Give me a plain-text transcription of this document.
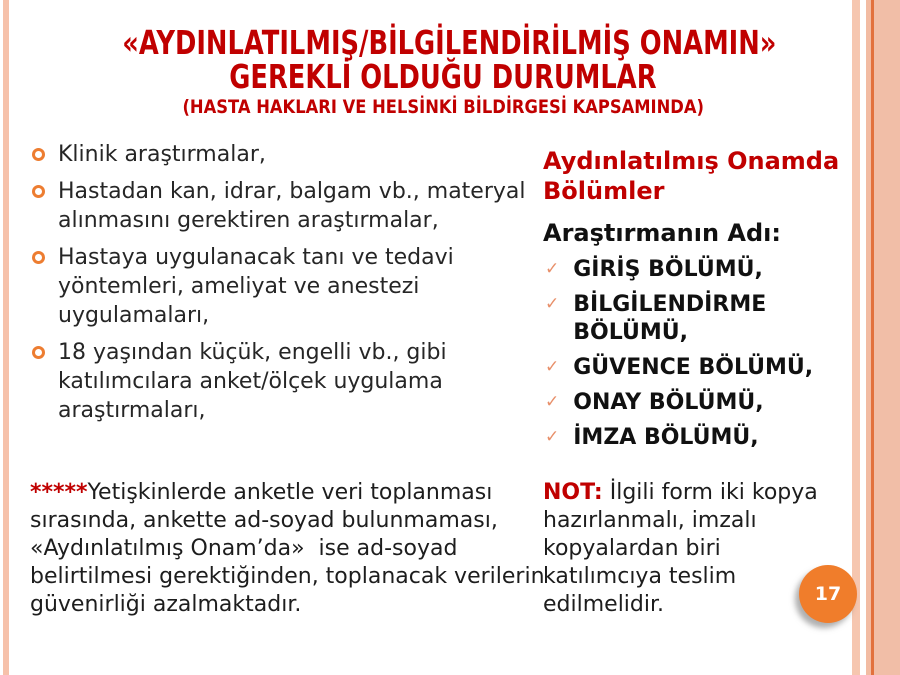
«AYDINLATILMIŞ/BİLGİLENDİRİLMİŞ ONAMIN»
GEREKLİ OLDUĞU DURUMLAR
(HASTA HAKLARI VE HELSİNKİ BİLDİRGESİ KAPSAMINDA)
Klinik araştırmalar,
Hastadan kan, idrar, balgam vb., materyal alınmasını gerektiren araştırmalar,
Hastaya uygulanacak tanı ve tedavi yöntemleri, ameliyat ve anestezi uygulamaları,
18 yaşından küçük, engelli vb., gibi katılımcılara anket/ölçek uygulama araştırmaları,

Aydınlatılmış Onamda Bölümler

Araştırmanın Adı:

✓ GİRİŞ BÖLÜMÜ,
✓ BİLGİLENDİRME BÖLÜMÜ,
✓ GÜVENCE BÖLÜMÜ,
✓ ONAY BÖLÜMÜ,
✓ İMZA BÖLÜMÜ,
*****Yetişkinlerde anketle veri toplanması sırasında, ankette ad-soyad bulunmaması, «Aydınlatılmış Onam’da»  ise ad-soyad belirtilmesi gerektiğinden, toplanacak verilerin güvenirliği azalmaktadır.
NOT: İlgili form iki kopya hazırlanmalı, imzalı kopyalardan biri katılımcıya teslim edilmelidir.	17
